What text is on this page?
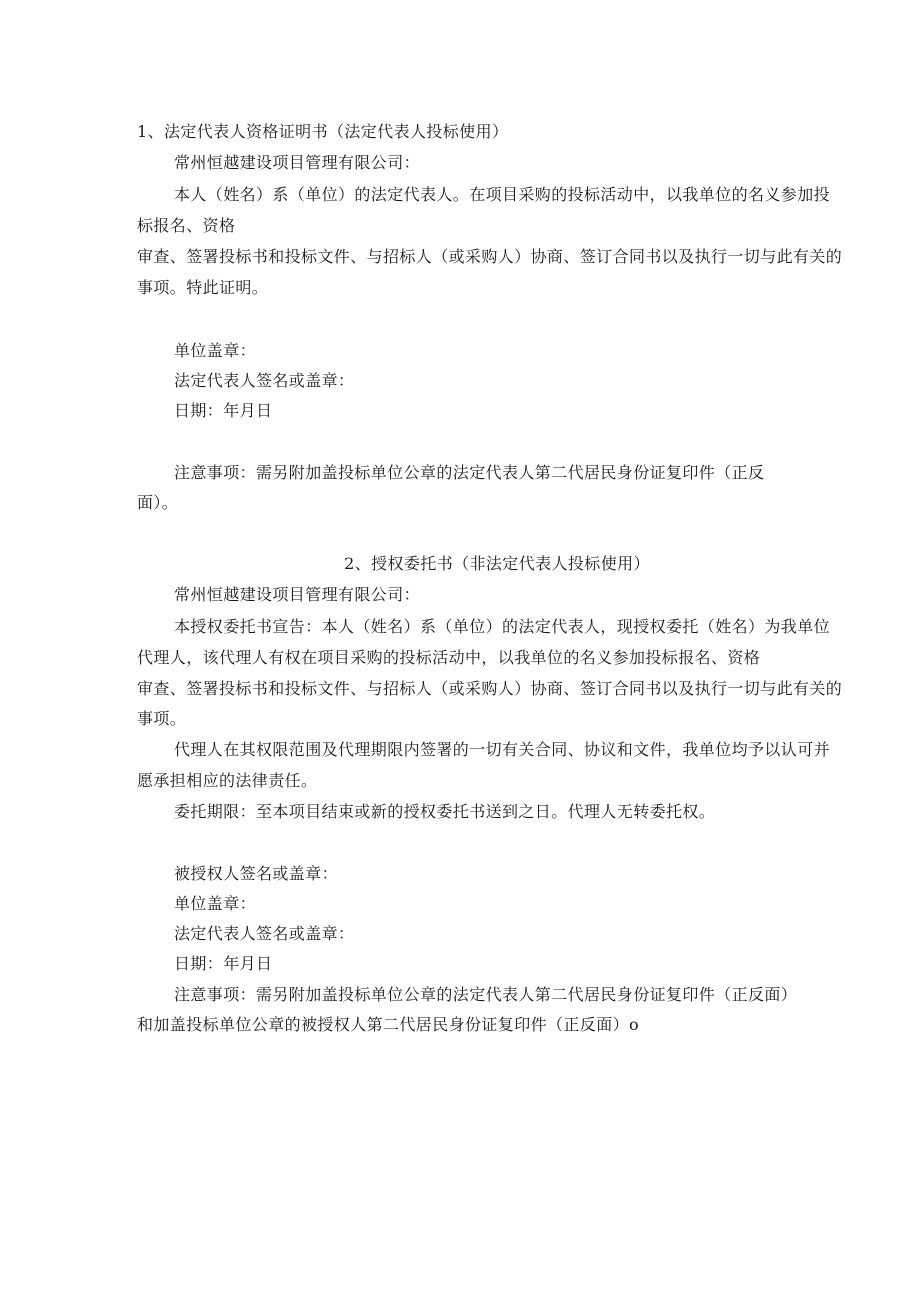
1、法定代表人资格证明书（法定代表人投标使用）
常州恒越建设项目管理有限公司：
本人（姓名）系（单位）的法定代表人。在项目采购的投标活动中，以我单位的名义参加投
标报名、资格
审查、签署投标书和投标文件、与招标人（或采购人）协商、签订合同书以及执行一切与此有关的
事项。特此证明。
单位盖章：
法定代表人签名或盖章：
日期：年月日
注意事项：需另附加盖投标单位公章的法定代表人第二代居民身份证复印件（正反
面）。
2、授权委托书（非法定代表人投标使用）
常州恒越建设项目管理有限公司：
本授权委托书宣告：本人（姓名）系（单位）的法定代表人，现授权委托（姓名）为我单位
代理人，该代理人有权在项目采购的投标活动中，以我单位的名义参加投标报名、资格
审查、签署投标书和投标文件、与招标人（或采购人）协商、签订合同书以及执行一切与此有关的
事项。
代理人在其权限范围及代理期限内签署的一切有关合同、协议和文件，我单位均予以认可并
愿承担相应的法律责任。
委托期限：至本项目结束或新的授权委托书送到之日。代理人无转委托权。
被授权人签名或盖章：
单位盖章：
法定代表人签名或盖章：
日期：年月日
注意事项：需另附加盖投标单位公章的法定代表人第二代居民身份证复印件（正反面）
和加盖投标单位公章的被授权人第二代居民身份证复印件（正反面）o
